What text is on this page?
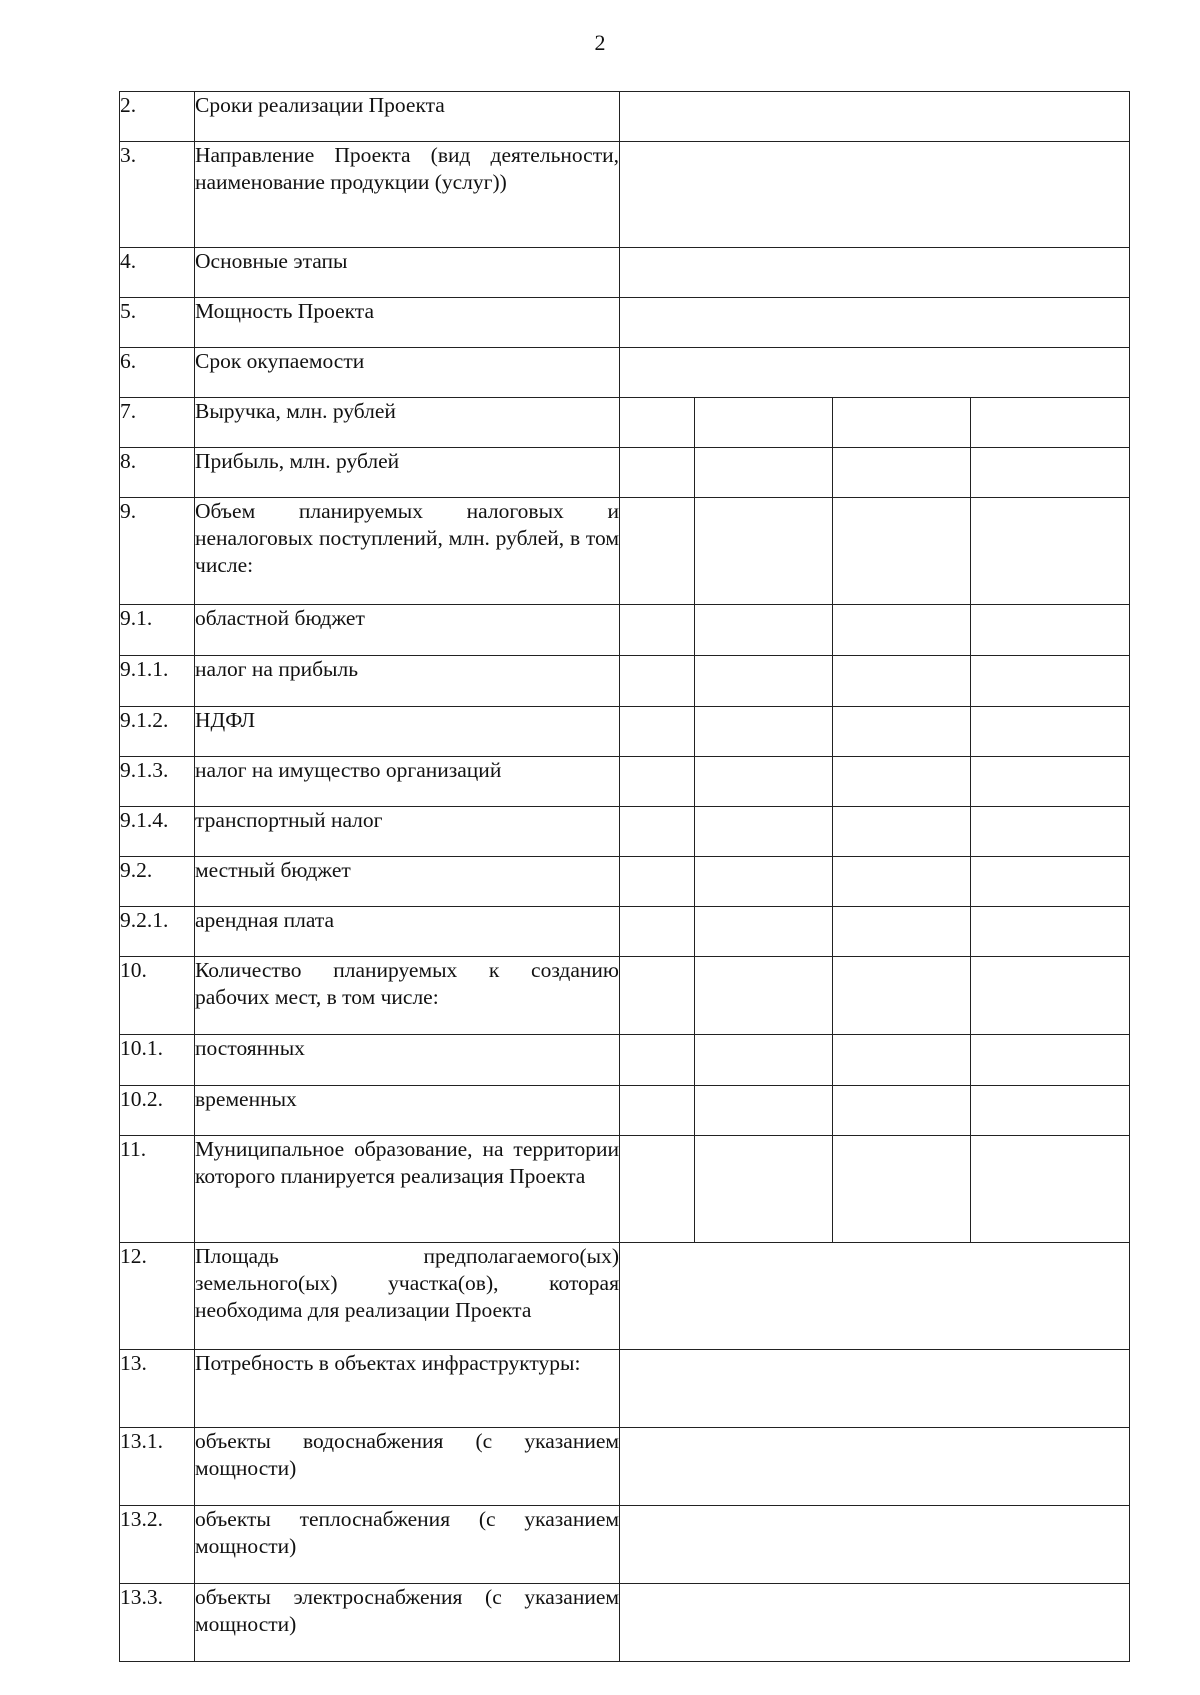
2
2.	Сроки реализации Проекта				
3.	Направление Проекта (вид деятельности, наименование продукции (услуг))				
4.	Основные этапы				
5.	Мощность Проекта				
6.	Срок окупаемости				
7.	Выручка, млн. рублей				
8.	Прибыль, млн. рублей				
9.	Объем планируемых налоговых и неналоговых поступлений, млн. рублей, в том числе:				
9.1.	областной бюджет				
9.1.1.	налог на прибыль				
9.1.2.	НДФЛ				
9.1.3.	налог на имущество организаций				
9.1.4.	транспортный налог				
9.2.	местный бюджет				
9.2.1.	арендная плата				
10.	Количество планируемых к созданию рабочих мест, в том числе:				
10.1.	постоянных				
10.2.	временных				
11.	Муниципальное образование, на территории которого планируется реализация Проекта				
12.	Площадь предполагаемого(ых) земельного(ых) участка(ов), которая необходима для реализации Проекта				
13.	Потребность в объектах инфраструктуры:				
13.1.	объекты водоснабжения (с указанием мощности)				
13.2.	объекты теплоснабжения (с указанием мощности)				
13.3.	объекты электроснабжения (с указанием мощности)				
